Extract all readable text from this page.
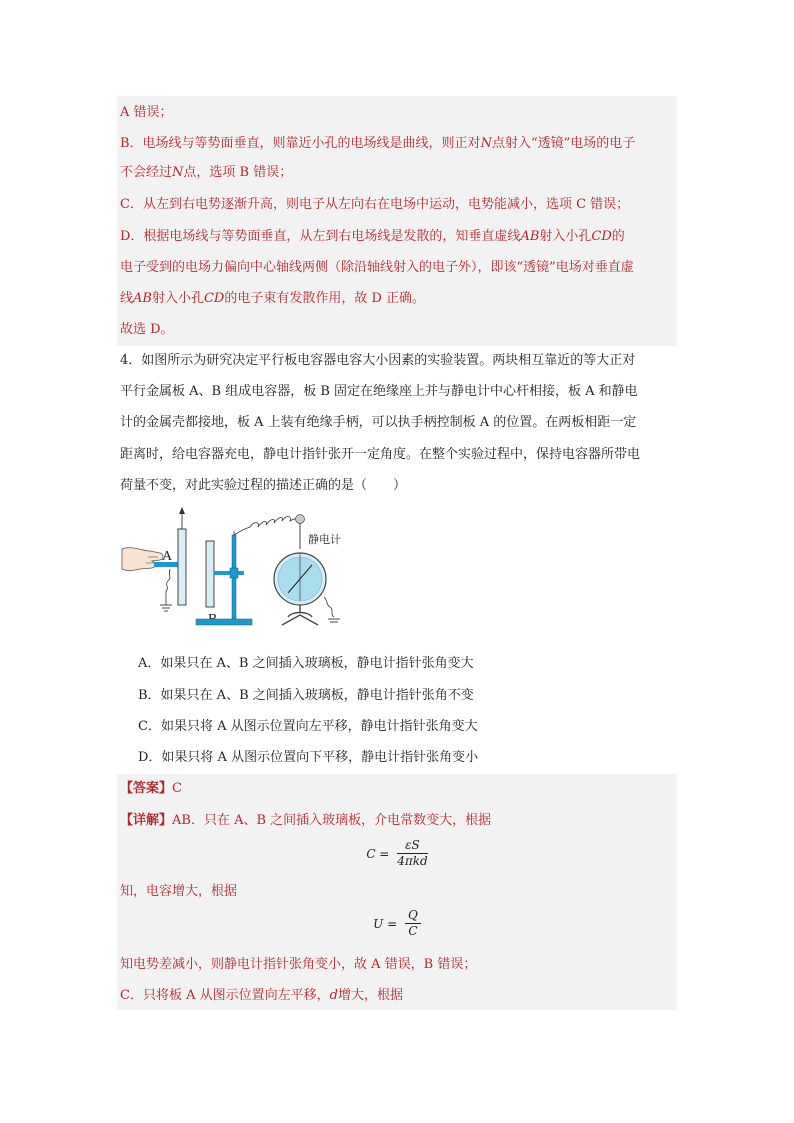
A 错误；
B．电场线与等势面垂直，则靠近小孔的电场线是曲线，则正对N点射入“透镜”电场的电子
不会经过N点，选项 B 错误；
C．从左到右电势逐渐升高，则电子从左向右在电场中运动，电势能减小，选项 C 错误；
D．根据电场线与等势面垂直，从左到右电场线是发散的，知垂直虚线AB射入小孔CD的
电子受到的电场力偏向中心轴线两侧（除沿轴线射入的电子外），即该“透镜”电场对垂直虚
线AB射入小孔CD的电子束有发散作用，故 D 正确。
故选 D。
4．如图所示为研究决定平行板电容器电容大小因素的实验装置。两块相互靠近的等大正对
平行金属板 A、B 组成电容器，板 B 固定在绝缘座上并与静电计中心杆相接，板 A 和静电
计的金属壳都接地，板 A 上装有绝缘手柄，可以执手柄控制板 A 的位置。在两板相距一定
距离时，给电容器充电，静电计指针张开一定角度。在整个实验过程中，保持电容器所带电
荷量不变，对此实验过程的描述正确的是（　　）
A
静电计
A．如果只在 A、B 之间插入玻璃板，静电计指针张角变大
B．如果只在 A、B 之间插入玻璃板，静电计指针张角不变
C．如果只将 A 从图示位置向左平移，静电计指针张角变大
D．如果只将 A 从图示位置向下平移，静电计指针张角变小
【答案】C
【详解】AB．只在 A、B 之间插入玻璃板，介电常数变大，根据
$C = \frac{\varepsilon S}{\text{4πkd}}$
知，电容增大，根据
$U = \frac{Q}{C}$
知电势差减小，则静电计指针张角变小，故 A 错误，B 错误；
C．只将板 A 从图示位置向左平移，d增大，根据
